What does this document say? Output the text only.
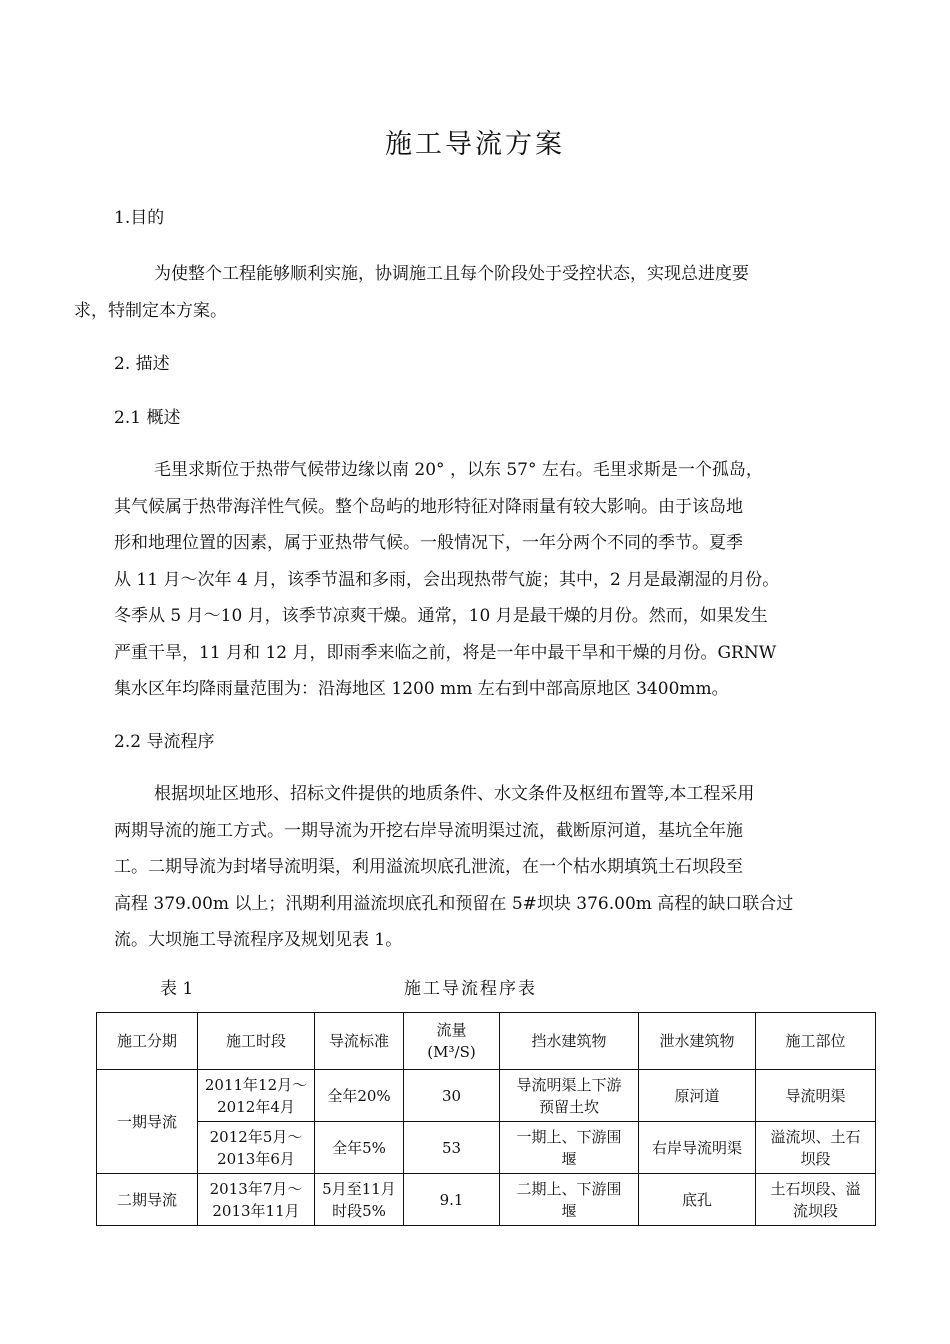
施工导流方案
1.目的
为使整个工程能够顺利实施，协调施工且每个阶段处于受控状态，实现总进度要
求，特制定本方案。
2. 描述
2.1 概述
毛里求斯位于热带气候带边缘以南 20° ，以东 57° 左右。毛里求斯是一个孤岛，
其气候属于热带海洋性气候。整个岛屿的地形特征对降雨量有较大影响。由于该岛地
形和地理位置的因素，属于亚热带气候。一般情况下，一年分两个不同的季节。夏季
从 11 月～次年 4 月，该季节温和多雨，会出现热带气旋；其中，2 月是最潮湿的月份。
冬季从 5 月～10 月，该季节凉爽干燥。通常，10 月是最干燥的月份。然而，如果发生
严重干旱，11 月和 12 月，即雨季来临之前，将是一年中最干旱和干燥的月份。GRNW
集水区年均降雨量范围为：沿海地区 1200 mm 左右到中部高原地区 3400mm。
2.2 导流程序
根据坝址区地形、招标文件提供的地质条件、水文条件及枢纽布置等,本工程采用
两期导流的施工方式。一期导流为开挖右岸导流明渠过流，截断原河道，基坑全年施
工。二期导流为封堵导流明渠，利用溢流坝底孔泄流，在一个枯水期填筑土石坝段至
高程 379.00m 以上；汛期利用溢流坝底孔和预留在 5#坝块 376.00m 高程的缺口联合过
流。大坝施工导流程序及规划见表 1。
表 1	施工导流程序表
施工分期	施工时段	导流标准	流量
(M³/S)	挡水建筑物	泄水建筑物	施工部位
一期导流	2011年12月～
2012年4月	全年20%	30	导流明渠上下游
预留土坎	原河道	导流明渠

	2012年5月～
2013年6月	全年5%	53	一期上、下游围
堰	右岸导流明渠	溢流坝、土石
坝段

二期导流	2013年7月～
2013年11月	5月至11月
时段5%	9.1	二期上、下游围
堰	底孔	土石坝段、溢
流坝段
